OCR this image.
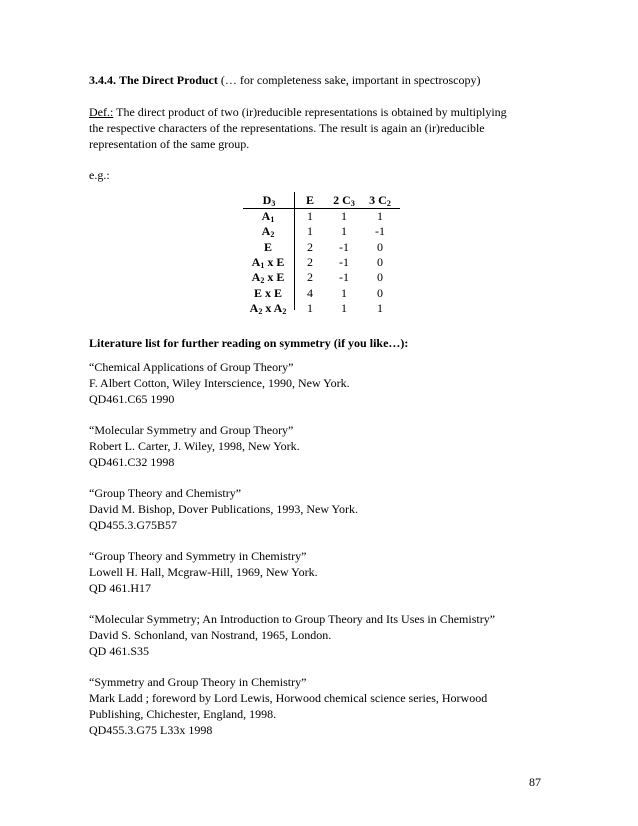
3.4.4. The Direct Product (… for completeness sake, important in spectroscopy)

Def.: The direct product of two (ir)reducible representations is obtained by multiplying

the respective characters of the representations. The result is again an (ir)reducible

representation of the same group.

e.g.:

$D_3$	E	2 $C_3$	3 $C_2$
$A_1$	1	1	1
$A_2$	1	1	-1
E	2	-1	0
$A_1$ x E	2	-1	0
$A_2$ x E	2	-1	0
E x E	4	1	0
$A_2$ x $A_2$	1	1	1

Literature list for further reading on symmetry (if you like…):

“Chemical Applications of Group Theory”

F. Albert Cotton, Wiley Interscience, 1990, New York.

QD461.C65 1990

“Molecular Symmetry and Group Theory”

Robert L. Carter, J. Wiley, 1998, New York.

QD461.C32 1998

“Group Theory and Chemistry”

David M. Bishop, Dover Publications, 1993, New York.

QD455.3.G75B57

“Group Theory and Symmetry in Chemistry”

Lowell H. Hall, Mcgraw-Hill, 1969, New York.

QD 461.H17

“Molecular Symmetry; An Introduction to Group Theory and Its Uses in Chemistry”

David S. Schonland, van Nostrand, 1965, London.

QD 461.S35

“Symmetry and Group Theory in Chemistry”

Mark Ladd ; foreword by Lord Lewis, Horwood chemical science series, Horwood

Publishing, Chichester, England, 1998.

QD455.3.G75 L33x 1998

87
